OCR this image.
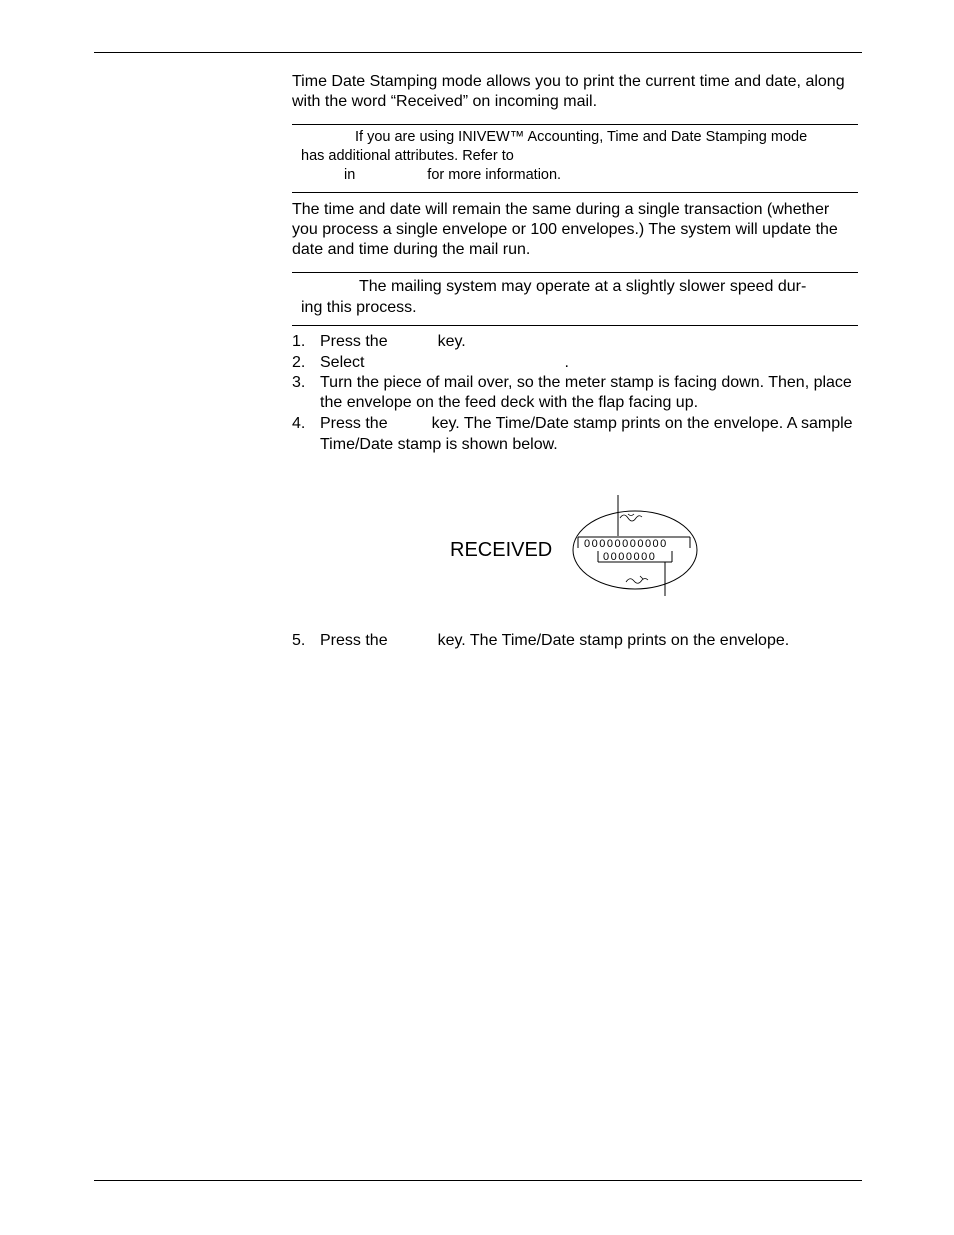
Time Date Stamping mode allows you to print the current time and date, along with the word “Received” on incoming mail.

If you are using INIVEW™ Accounting, Time and Date Stamping mode
has additional attributes. Refer to
in	for more information.

The time and date will remain the same during a single transaction (whether you process a single envelope or 100 envelopes.) The system will update the date and time during the mail run.

The mailing system may operate at a slightly slower speed dur-
ing this process.
1. Press the	key.
2. Select	.
3. Turn the piece of mail over, so the meter stamp is facing down. Then, place the envelope on the feed deck with the flap facing up.
4. Press the	key. The Time/Date stamp prints on the envelope. A sample Time/Date stamp is shown below.
RECEIVED	00000000000
0000000
5. Press the	key. The Time/Date stamp prints on the envelope.
